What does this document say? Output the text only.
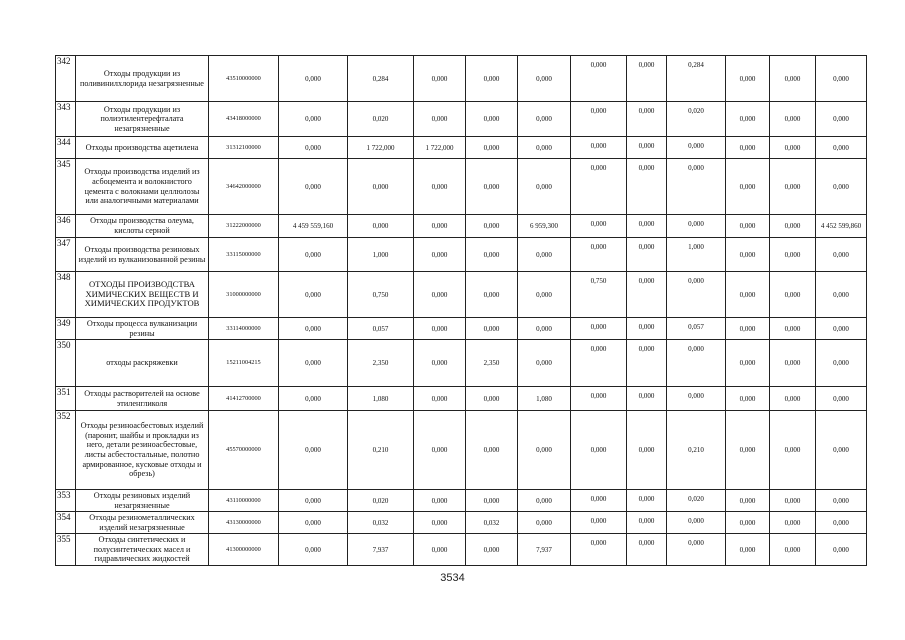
342	Отходы продукции из поливинилхлорида незагрязненные	43510000000	0,000	0,284	0,000	0,000	0,000	0,000	0,000	0,284	0,000	0,000	0,000
343	Отходы продукции из полиэтилентерефталата незагрязненные	43418000000	0,000	0,020	0,000	0,000	0,000	0,000	0,000	0,020	0,000	0,000	0,000
344	Отходы производства ацетилена	31312100000	0,000	1 722,000	1 722,000	0,000	0,000	0,000	0,000	0,000	0,000	0,000	0,000
345	Отходы производства изделий из асбоцемента и волокнистого цемента с волокнами целлюлозы или аналогичными материалами	34642000000	0,000	0,000	0,000	0,000	0,000	0,000	0,000	0,000	0,000	0,000	0,000
346	Отходы производства олеума, кислоты серной	31222000000	4 459 559,160	0,000	0,000	0,000	6 959,300	0,000	0,000	0,000	0,000	0,000	4 452 599,860
347	Отходы производства резиновых изделий из вулканизованной резины	33115000000	0,000	1,000	0,000	0,000	0,000	0,000	0,000	1,000	0,000	0,000	0,000
348	ОТХОДЫ ПРОИЗВОДСТВА ХИМИЧЕСКИХ ВЕЩЕСТВ И ХИМИЧЕСКИХ ПРОДУКТОВ	31000000000	0,000	0,750	0,000	0,000	0,000	0,750	0,000	0,000	0,000	0,000	0,000
349	Отходы процесса вулканизации резины	33114000000	0,000	0,057	0,000	0,000	0,000	0,000	0,000	0,057	0,000	0,000	0,000
350	отходы раскряжевки	15211004215	0,000	2,350	0,000	2,350	0,000	0,000	0,000	0,000	0,000	0,000	0,000
351	Отходы растворителей на основе этиленгликоля	41412700000	0,000	1,080	0,000	0,000	1,080	0,000	0,000	0,000	0,000	0,000	0,000
352	Отходы резиноасбестовых изделий (паронит, шайбы и прокладки из него, детали резиноасбестовые, листы асбестостальные, полотно армированное, кусковые отходы и обрезь)	45570000000	0,000	0,210	0,000	0,000	0,000	0,000	0,000	0,210	0,000	0,000	0,000
353	Отходы резиновых изделий незагрязненные	43110000000	0,000	0,020	0,000	0,000	0,000	0,000	0,000	0,020	0,000	0,000	0,000
354	Отходы резинометаллических изделий незагрязненные	43130000000	0,000	0,032	0,000	0,032	0,000	0,000	0,000	0,000	0,000	0,000	0,000
355	Отходы синтетических и полусинтетических масел и гидравлических жидкостей	41300000000	0,000	7,937	0,000	0,000	7,937	0,000	0,000	0,000	0,000	0,000	0,000
3534
